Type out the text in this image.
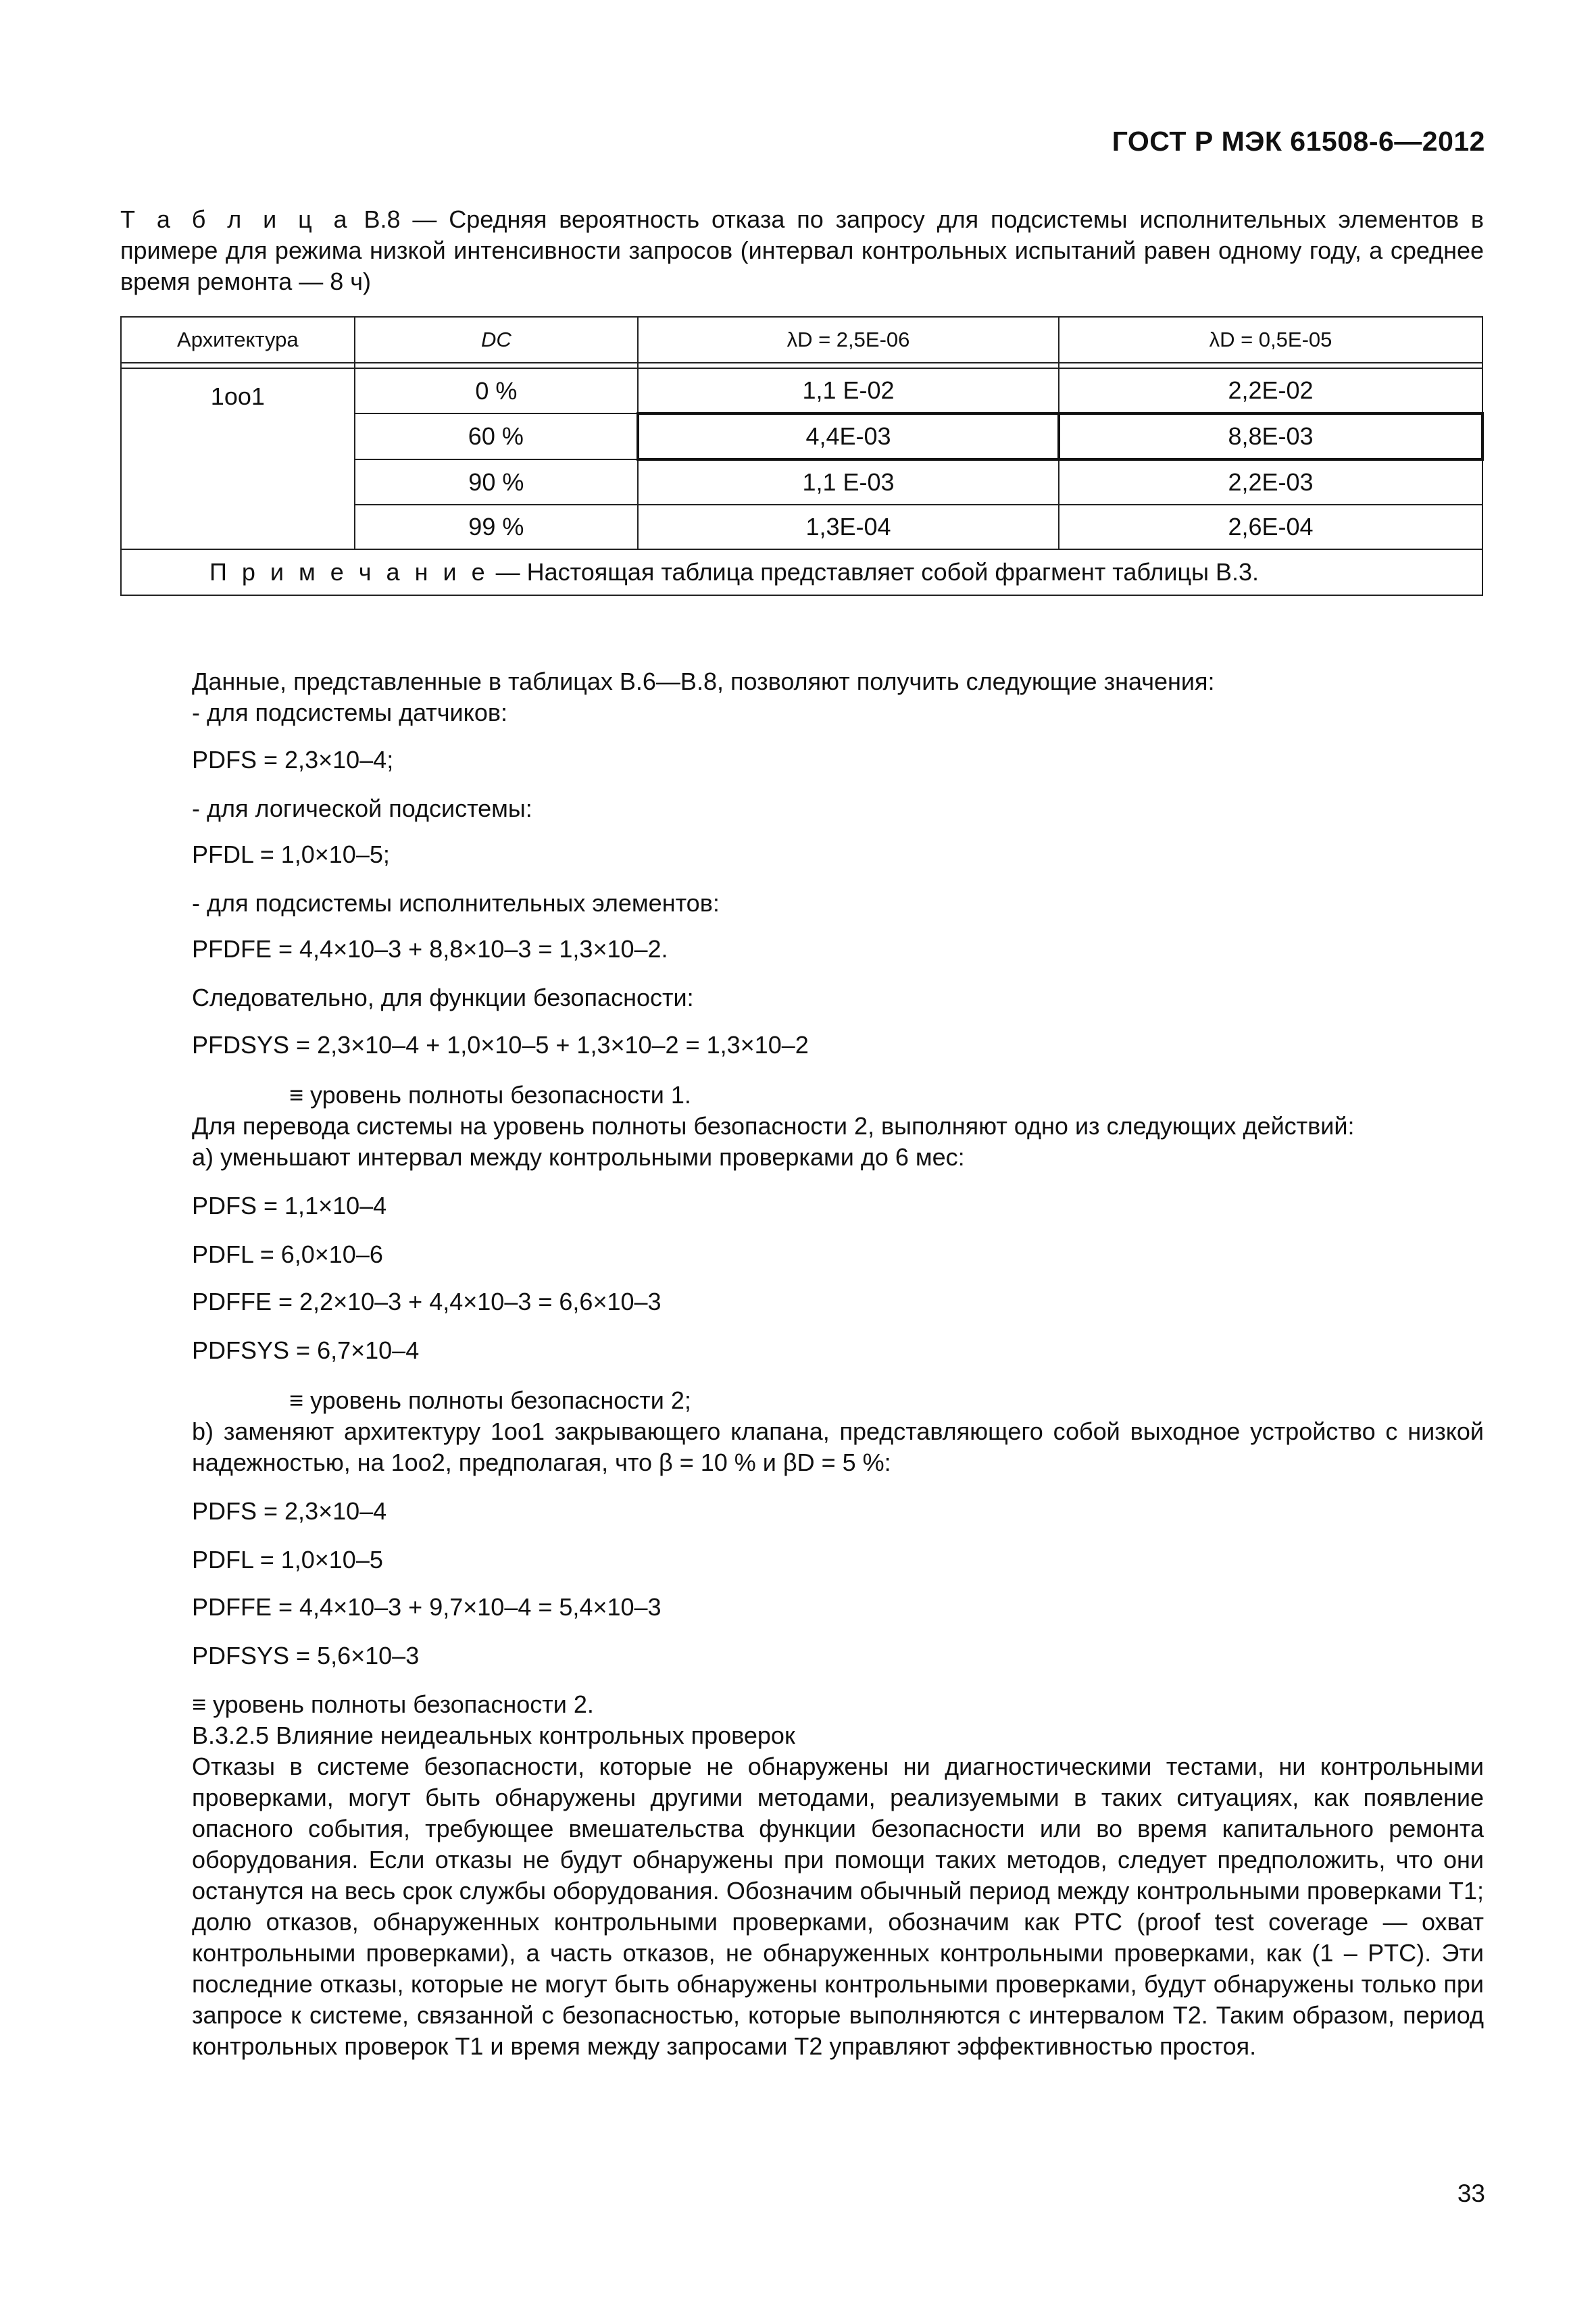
ГОСТ Р МЭК 61508-6—2012
Т а б л и ц а В.8 — Средняя вероятность отказа по запросу для подсистемы исполнительных элементов в примере для режима низкой интенсивности запросов (интервал контрольных испытаний равен одному году, а среднее время ремонта — 8 ч)
Архитектура	DC	λD = 2,5E-06	λD = 0,5E-05

1oo1	0 %	1,1 E-02	2,2E-02
	60 %	4,4E-03	8,8E-03
	90 %	1,1 E-03	2,2E-03
	99 %	1,3E-04	2,6E-04
П р и м е ч а н и е — Настоящая таблица представляет собой фрагмент таблицы В.3.			

Данные, представленные в таблицах В.6—В.8, позволяют получить следующие значения:

- для подсистемы датчиков:

PDFS = 2,3×10–4;
- для логической подсистемы:
PFDL = 1,0×10–5;
- для подсистемы исполнительных элементов:
PFDFE = 4,4×10–3 + 8,8×10–3 = 1,3×10–2.
Следовательно, для функции безопасности:
PFDSYS = 2,3×10–4 + 1,0×10–5 + 1,3×10–2 = 1,3×10–2

≡ уровень полноты безопасности 1.

Для перевода системы на уровень полноты безопасности 2, выполняют одно из следующих действий:

а) уменьшают интервал между контрольными проверками до 6 мес:

PDFS = 1,1×10–4
PDFL = 6,0×10–6
PDFFE = 2,2×10–3 + 4,4×10–3 = 6,6×10–3
PDFSYS = 6,7×10–4

≡ уровень полноты безопасности 2;

b) заменяют архитектуру 1oo1 закрывающего клапана, представляющего собой выходное устройство с низкой надежностью, на 1oo2, предполагая, что β = 10 % и βD = 5 %:

PDFS = 2,3×10–4
PDFL = 1,0×10–5
PDFFE = 4,4×10–3 + 9,7×10–4 = 5,4×10–3
PDFSYS = 5,6×10–3

≡ уровень полноты безопасности 2.

В.3.2.5 Влияние неидеальных контрольных проверок

Отказы в системе безопасности, которые не обнаружены ни диагностическими тестами, ни контрольными проверками, могут быть обнаружены другими методами, реализуемыми в таких ситуациях, как появление опасного события, требующее вмешательства функции безопасности или во время капитального ремонта оборудования. Если отказы не будут обнаружены при помощи таких методов, следует предположить, что они останутся на весь срок службы оборудования. Обозначим обычный период между контрольными проверками T1; долю отказов, обнаруженных контрольными проверками, обозначим как PTC (proof test coverage — охват контрольными проверками), а часть отказов, не обнаруженных контрольными проверками, как (1 – PTC). Эти последние отказы, которые не могут быть обнаружены контрольными проверками, будут обнаружены только при запросе к системе, связанной с безопасностью, которые выполняются с интервалом T2. Таким образом, период контрольных проверок T1 и время между запросами T2 управляют эффективностью простоя.

33
